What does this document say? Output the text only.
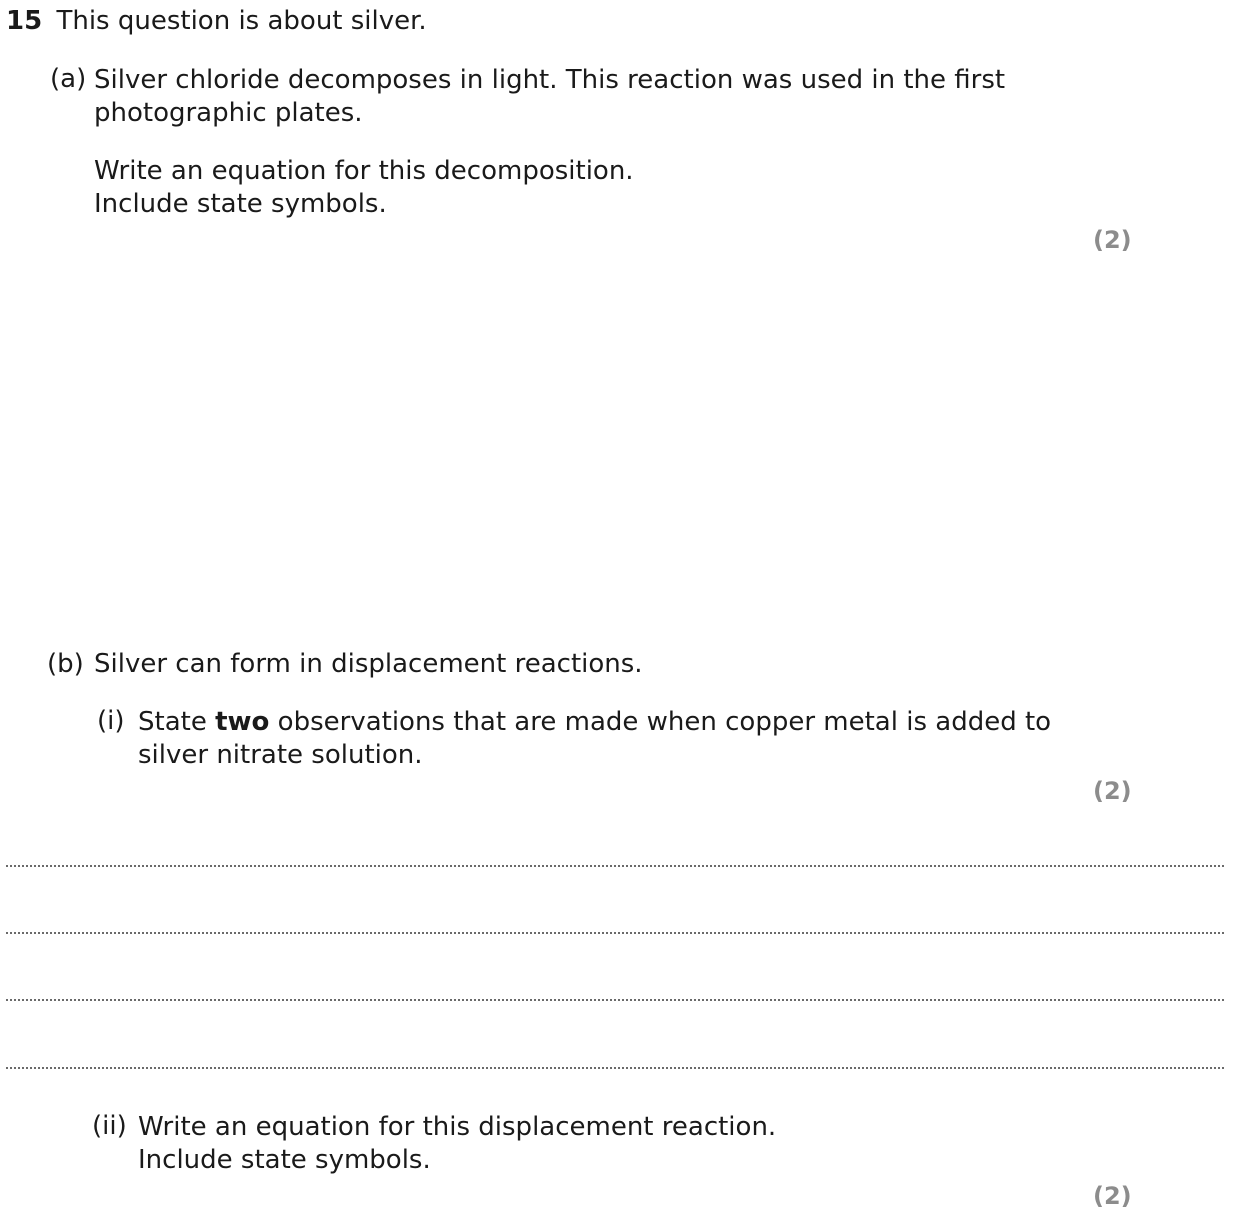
15 This question is about silver.
(a) Silver chloride decomposes in light. This reaction was used in the first
photographic plates.
Write an equation for this decomposition.
Include state symbols.
(2)
(b) Silver can form in displacement reactions.
(i) State two observations that are made when copper metal is added to
silver nitrate solution.
(2)
(ii) Write an equation for this displacement reaction.
Include state symbols.
(2)
